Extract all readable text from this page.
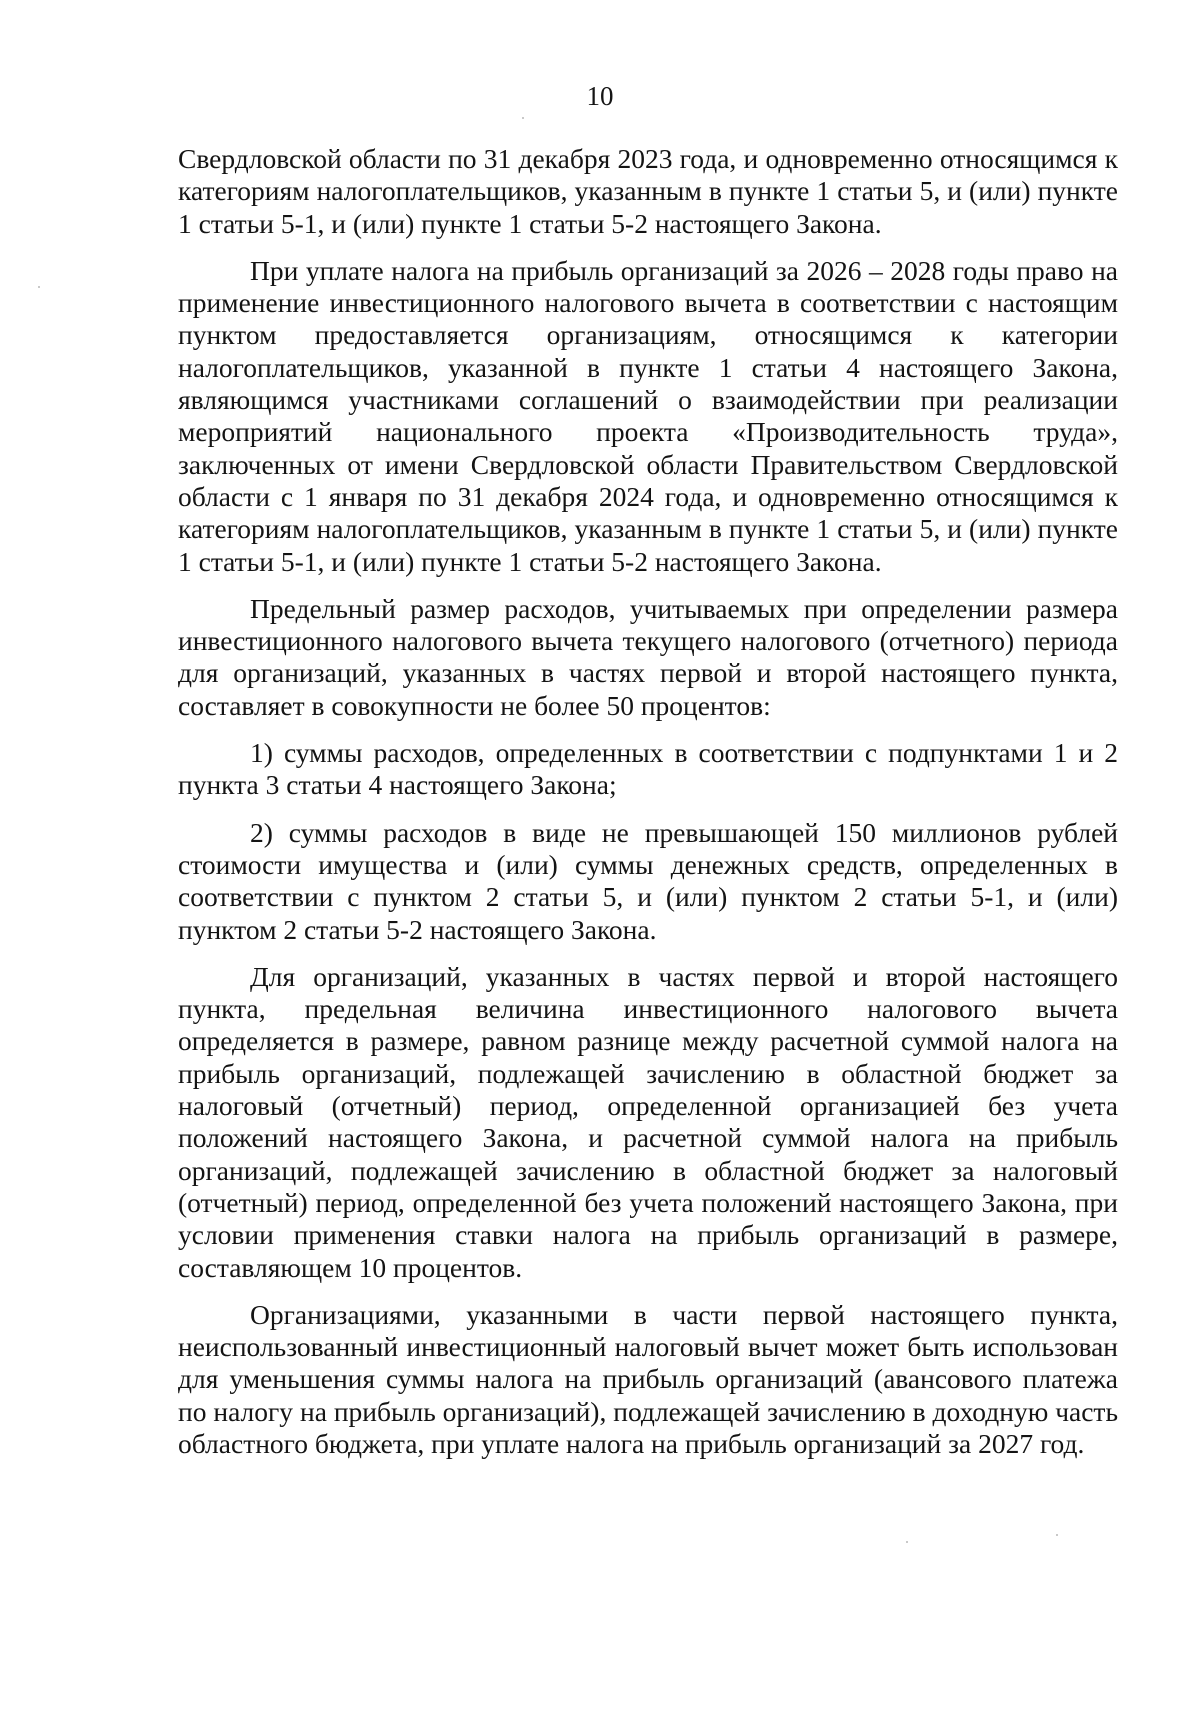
10

Свердловской области по 31 декабря 2023 года, и одновременно относящимся к категориям налогоплательщиков, указанным в пункте 1 статьи 5, и (или) пункте 1 статьи 5-1, и (или) пункте 1 статьи 5-2 настоящего Закона.

При уплате налога на прибыль организаций за 2026 – 2028 годы право на применение инвестиционного налогового вычета в соответствии с настоящим пунктом предоставляется организациям, относящимся к категории налогоплательщиков, указанной в пункте 1 статьи 4 настоящего Закона, являющимся участниками соглашений о взаимодействии при реализации мероприятий национального проекта «Производительность труда», заключенных от имени Свердловской области Правительством Свердловской области с 1 января по 31 декабря 2024 года, и одновременно относящимся к категориям налогоплательщиков, указанным в пункте 1 статьи 5, и (или) пункте 1 статьи 5-1, и (или) пункте 1 статьи 5-2 настоящего Закона.

Предельный размер расходов, учитываемых при определении размера инвестиционного налогового вычета текущего налогового (отчетного) периода для организаций, указанных в частях первой и второй настоящего пункта, составляет в совокупности не более 50 процентов:

1) суммы расходов, определенных в соответствии с подпунктами 1 и 2 пункта 3 статьи 4 настоящего Закона;

2) суммы расходов в виде не превышающей 150 миллионов рублей стоимости имущества и (или) суммы денежных средств, определенных в соответствии с пунктом 2 статьи 5, и (или) пунктом 2 статьи 5-1, и (или) пунктом 2 статьи 5-2 настоящего Закона.

Для организаций, указанных в частях первой и второй настоящего пункта, предельная величина инвестиционного налогового вычета определяется в размере, равном разнице между расчетной суммой налога на прибыль организаций, подлежащей зачислению в областной бюджет за налоговый (отчетный) период, определенной организацией без учета положений настоящего Закона, и расчетной суммой налога на прибыль организаций, подлежащей зачислению в областной бюджет за налоговый (отчетный) период, определенной без учета положений настоящего Закона, при условии применения ставки налога на прибыль организаций в размере, составляющем 10 процентов.

Организациями, указанными в части первой настоящего пункта, неиспользованный инвестиционный налоговый вычет может быть использован для уменьшения суммы налога на прибыль организаций (авансового платежа по налогу на прибыль организаций), подлежащей зачислению в доходную часть областного бюджета, при уплате налога на прибыль организаций за 2027 год.
